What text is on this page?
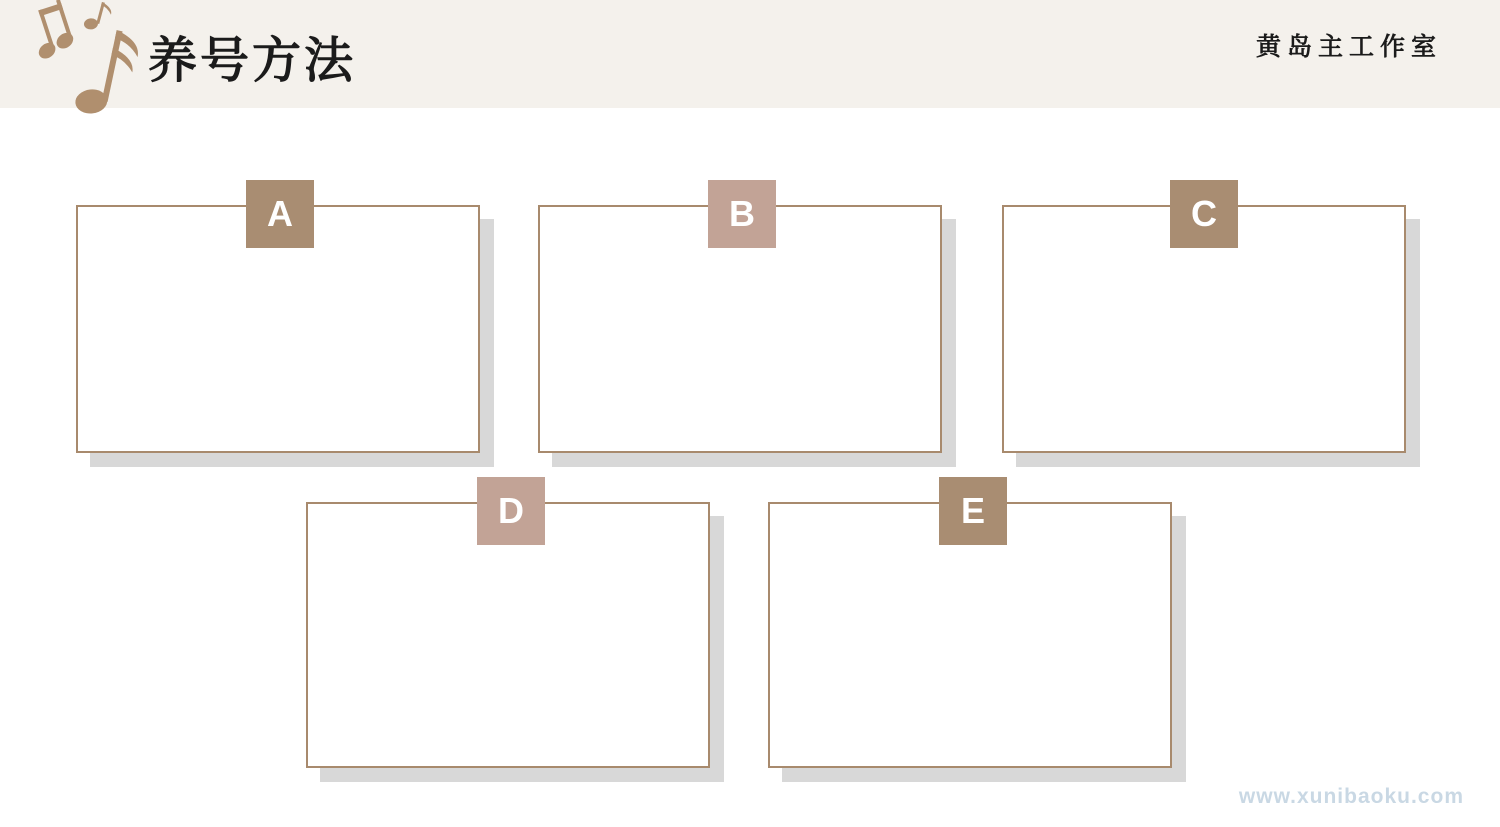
养号方法	黄岛主工作室
A	B	C
D	E
www.xunibaoku.com
